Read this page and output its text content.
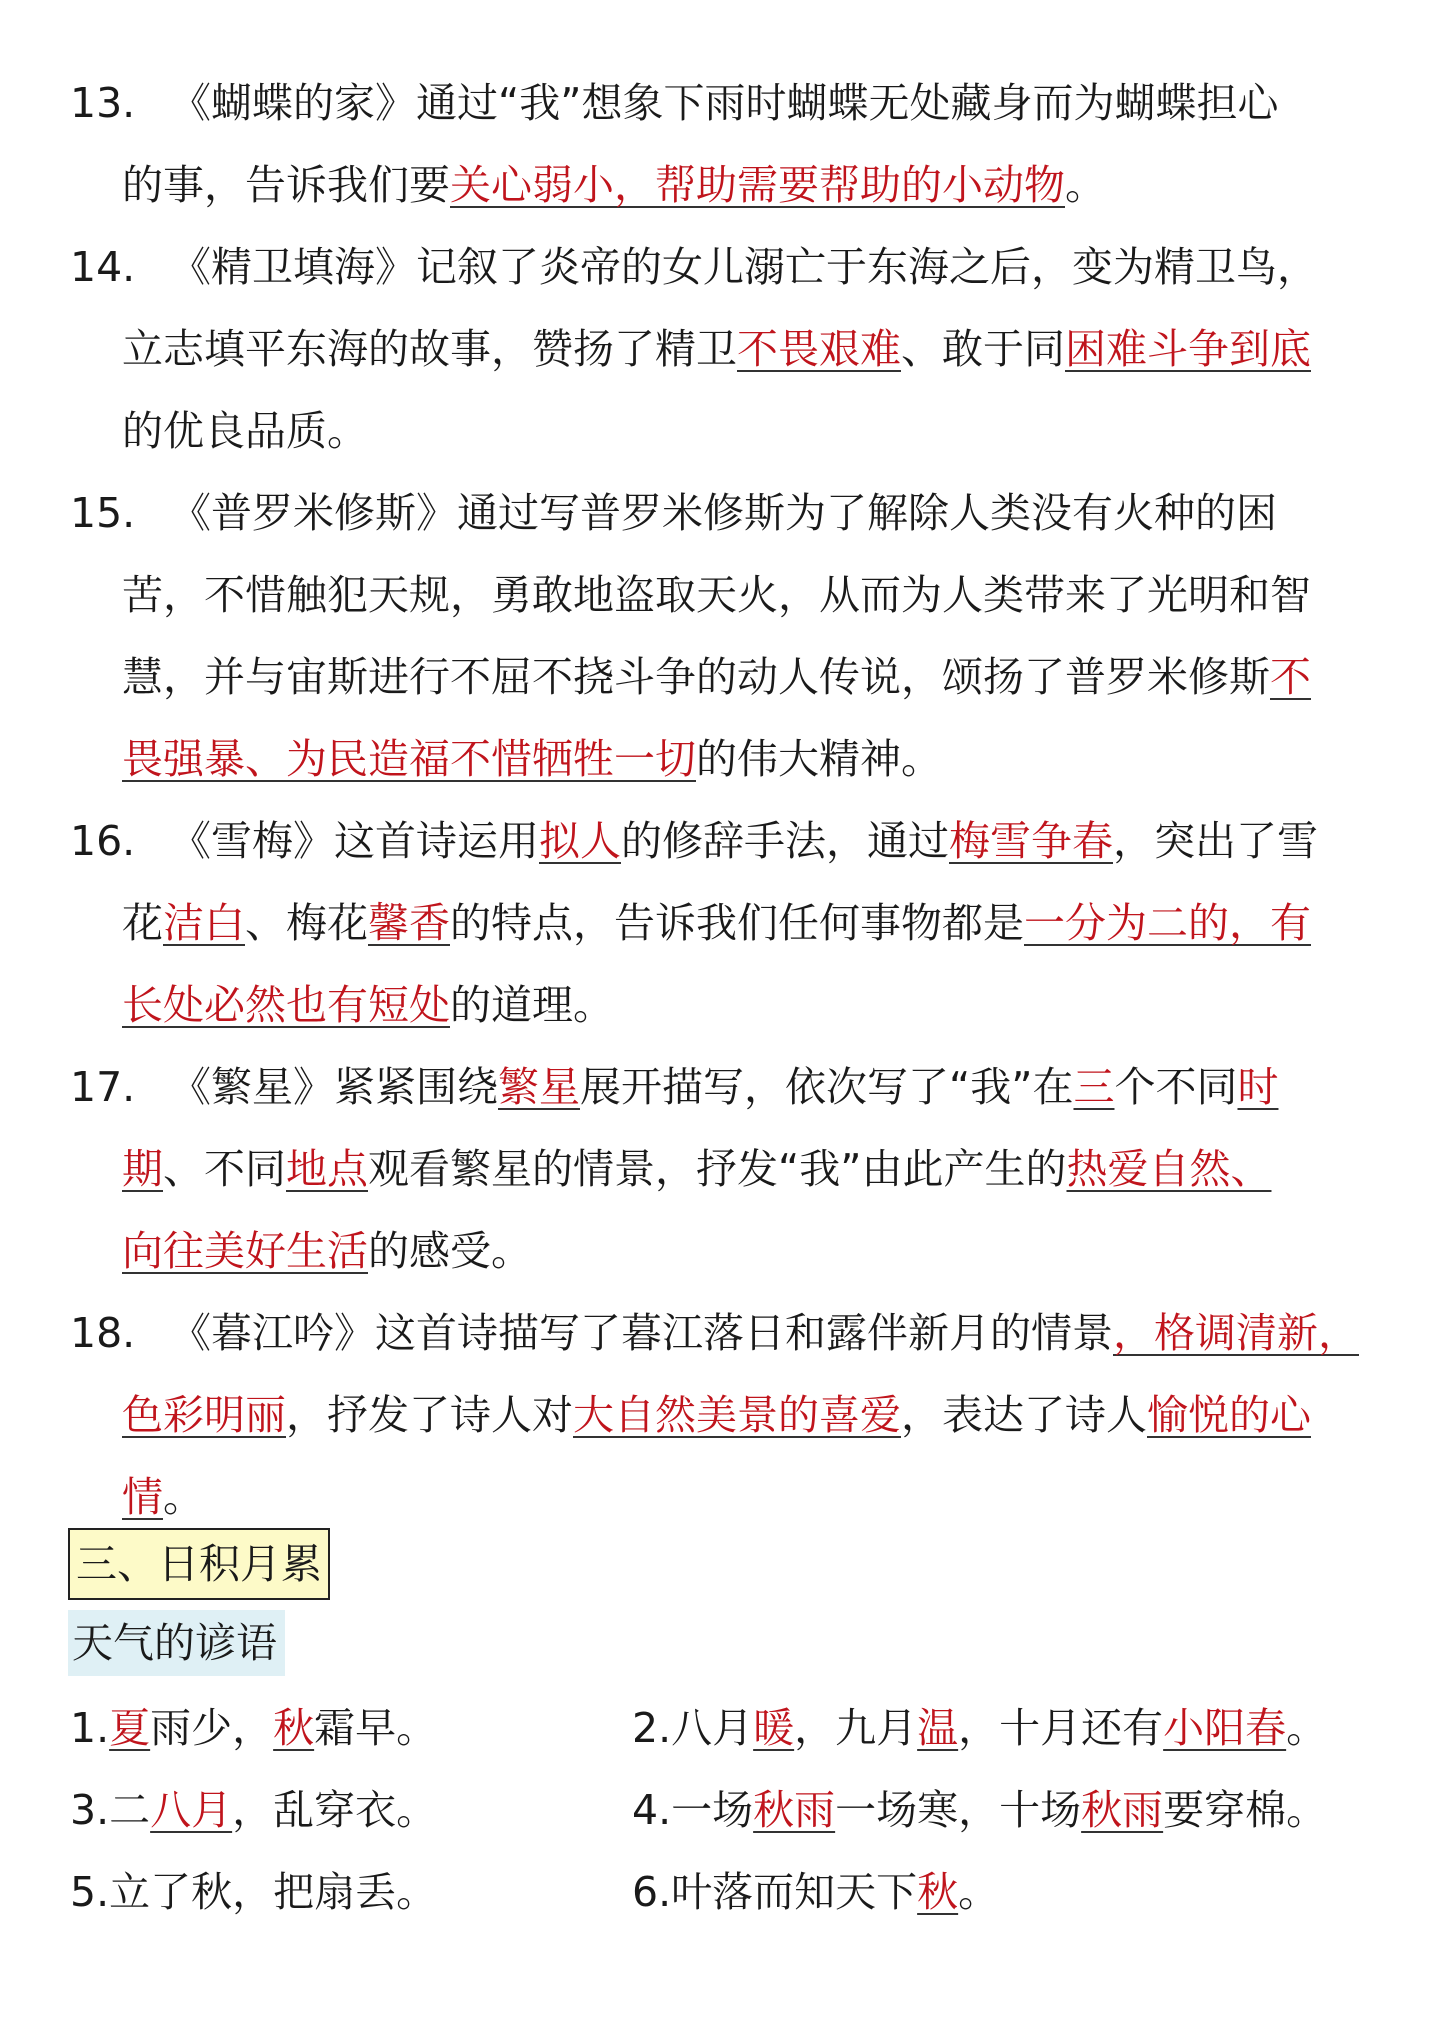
13. 《蝴蝶的家》通过“我”想象下雨时蝴蝶无处藏身而为蝴蝶担心
的事，告诉我们要关心弱小，帮助需要帮助的小动物。
14. 《精卫填海》记叙了炎帝的女儿溺亡于东海之后，变为精卫鸟，
立志填平东海的故事，赞扬了精卫不畏艰难、敢于同困难斗争到底
的优良品质。
15. 《普罗米修斯》通过写普罗米修斯为了解除人类没有火种的困
苦，不惜触犯天规，勇敢地盗取天火，从而为人类带来了光明和智
慧，并与宙斯进行不屈不挠斗争的动人传说，颂扬了普罗米修斯不
畏强暴、为民造福不惜牺牲一切的伟大精神。
16. 《雪梅》这首诗运用拟人的修辞手法，通过梅雪争春，突出了雪
花洁白、梅花馨香的特点，告诉我们任何事物都是一分为二的，有
长处必然也有短处的道理。
17. 《繁星》紧紧围绕繁星展开描写，依次写了“我”在三个不同时
期、不同地点观看繁星的情景，抒发“我”由此产生的热爱自然、
向往美好生活的感受。
18. 《暮江吟》这首诗描写了暮江落日和露伴新月的情景，格调清新，
色彩明丽，抒发了诗人对大自然美景的喜爱，表达了诗人愉悦的心
情。
三、日积月累
天气的谚语
1.夏雨少，秋霜早。	2.八月暖，九月温，十月还有小阳春。
3.二八月，乱穿衣。	4.一场秋雨一场寒，十场秋雨要穿棉。
5.立了秋，把扇丢。	6.叶落而知天下秋。
